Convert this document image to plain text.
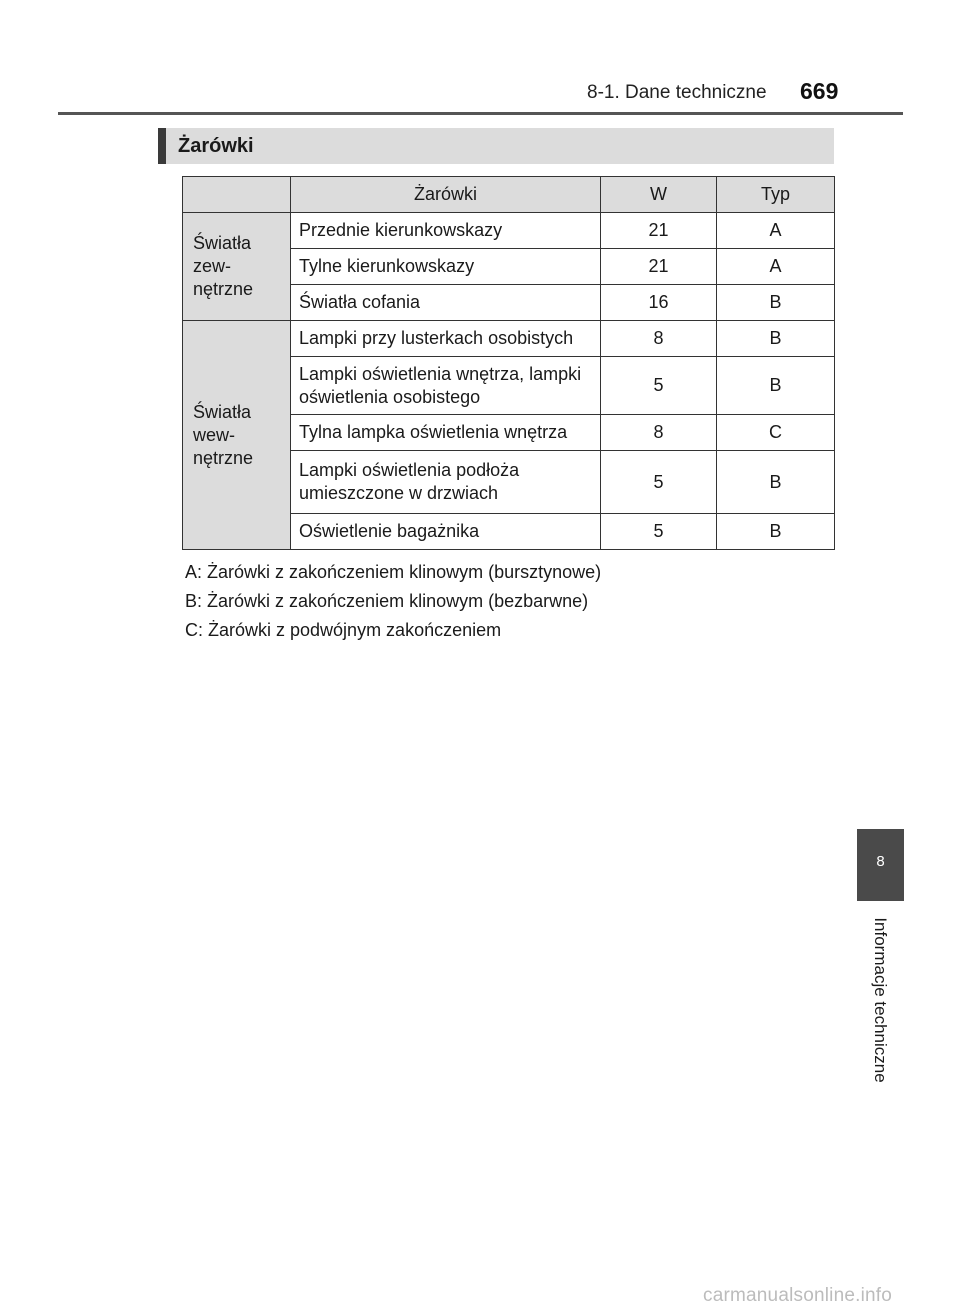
8-1. Dane techniczne 669
Żarówki
	Żarówki	W	Typ
Światła
zew-
nętrzne	Przednie kierunkowskazy	21	A
	Tylne kierunkowskazy	21	A
	Światła cofania	16	B
Światła
wew-
nętrzne	Lampki przy lusterkach osobistych	8	B
	Lampki oświetlenia wnętrza, lampki
oświetlenia osobistego	5	B
	Tylna lampka oświetlenia wnętrza	8	C
	Lampki oświetlenia podłoża
umieszczone w drzwiach	5	B
	Oświetlenie bagażnika	5	B
A: Żarówki z zakończeniem klinowym (bursztynowe)
B: Żarówki z zakończeniem klinowym (bezbarwne)
C: Żarówki z podwójnym zakończeniem
8
Informacje techniczne
carmanualsonline.info
